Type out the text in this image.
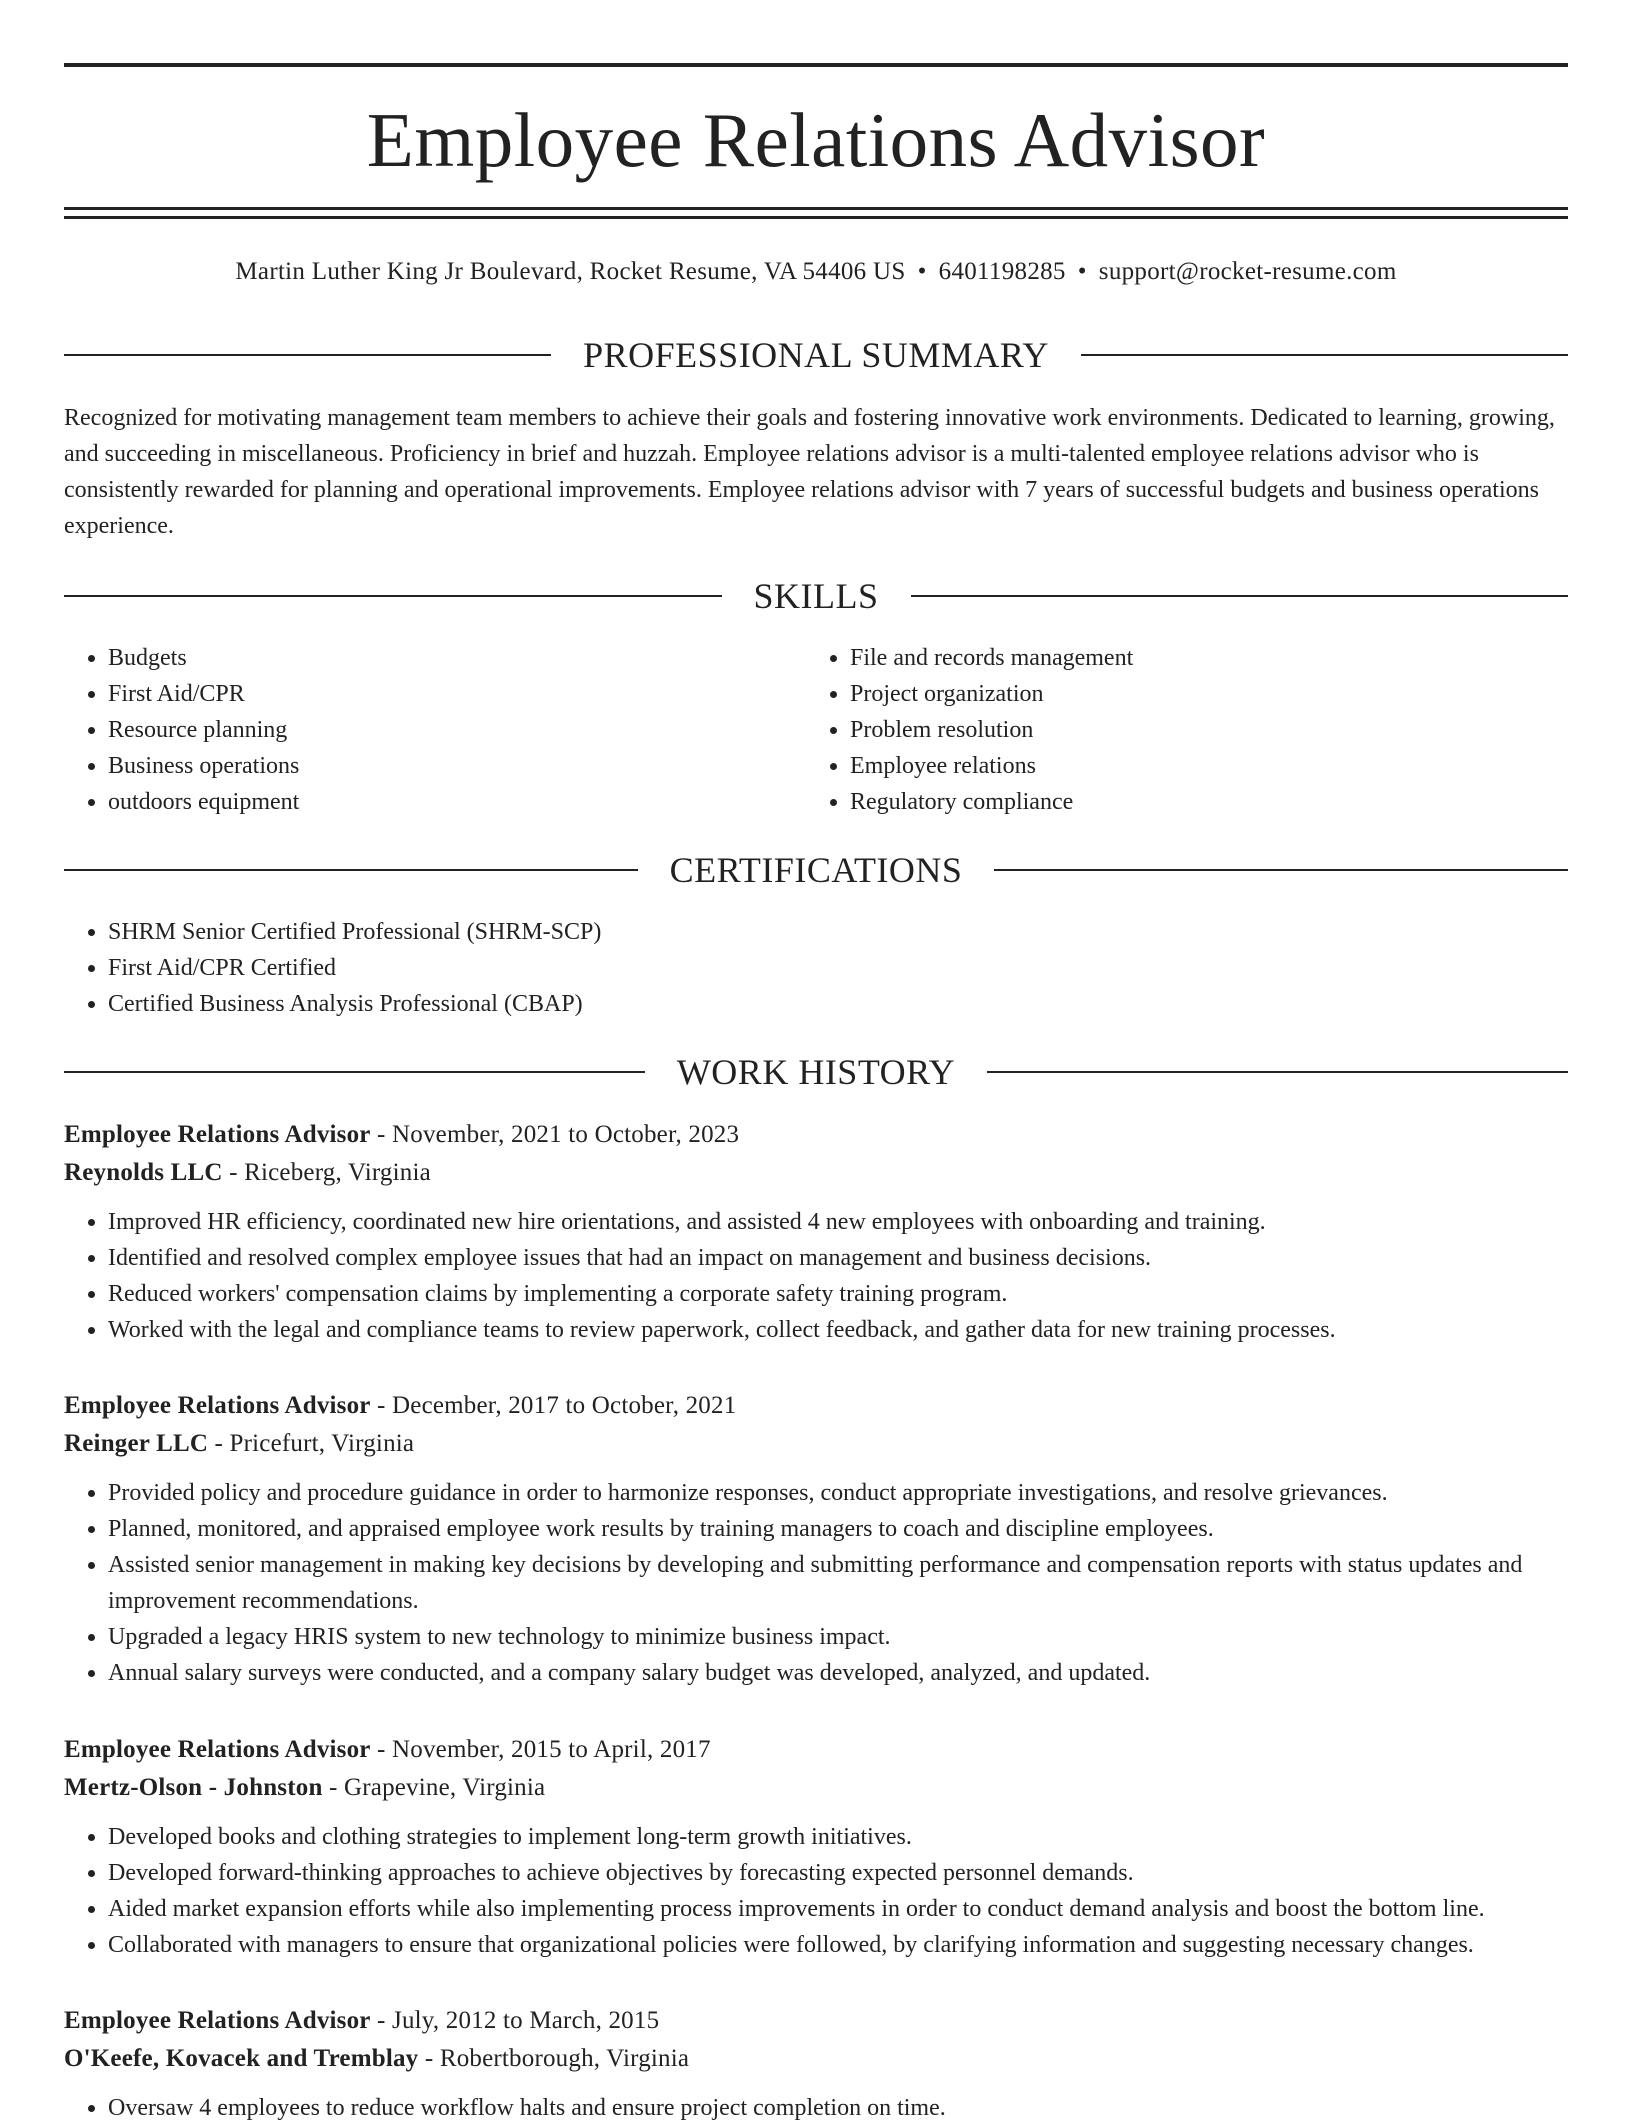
Employee Relations Advisor
Martin Luther King Jr Boulevard, Rocket Resume, VA 54406 US • 6401198285 • support@rocket-resume.com
PROFESSIONAL SUMMARY

Recognized for motivating management team members to achieve their goals and fostering innovative work environments. Dedicated to learning, growing, and succeeding in miscellaneous. Proficiency in brief and huzzah. Employee relations advisor is a multi-talented employee relations advisor who is consistently rewarded for planning and operational improvements. Employee relations advisor with 7 years of successful budgets and business operations experience.

SKILLS
• Budgets
• First Aid/CPR
• Resource planning
• Business operations
• outdoors equipment
• File and records management
• Project organization
• Problem resolution
• Employee relations
• Regulatory compliance
CERTIFICATIONS
• SHRM Senior Certified Professional (SHRM-SCP)
• First Aid/CPR Certified
• Certified Business Analysis Professional (CBAP)
WORK HISTORY
Employee Relations Advisor - November, 2021 to October, 2023
Reynolds LLC - Riceberg, Virginia
• Improved HR efficiency, coordinated new hire orientations, and assisted 4 new employees with onboarding and training.
• Identified and resolved complex employee issues that had an impact on management and business decisions.
• Reduced workers' compensation claims by implementing a corporate safety training program.
• Worked with the legal and compliance teams to review paperwork, collect feedback, and gather data for new training processes.
Employee Relations Advisor - December, 2017 to October, 2021
Reinger LLC - Pricefurt, Virginia
• Provided policy and procedure guidance in order to harmonize responses, conduct appropriate investigations, and resolve grievances.
• Planned, monitored, and appraised employee work results by training managers to coach and discipline employees.
• Assisted senior management in making key decisions by developing and submitting performance and compensation reports with status updates and improvement recommendations.
• Upgraded a legacy HRIS system to new technology to minimize business impact.
• Annual salary surveys were conducted, and a company salary budget was developed, analyzed, and updated.
Employee Relations Advisor - November, 2015 to April, 2017
Mertz-Olson - Johnston - Grapevine, Virginia
• Developed books and clothing strategies to implement long-term growth initiatives.
• Developed forward-thinking approaches to achieve objectives by forecasting expected personnel demands.
• Aided market expansion efforts while also implementing process improvements in order to conduct demand analysis and boost the bottom line.
• Collaborated with managers to ensure that organizational policies were followed, by clarifying information and suggesting necessary changes.
Employee Relations Advisor - July, 2012 to March, 2015
O'Keefe, Kovacek and Tremblay - Robertborough, Virginia
• Oversaw 4 employees to reduce workflow halts and ensure project completion on time.
